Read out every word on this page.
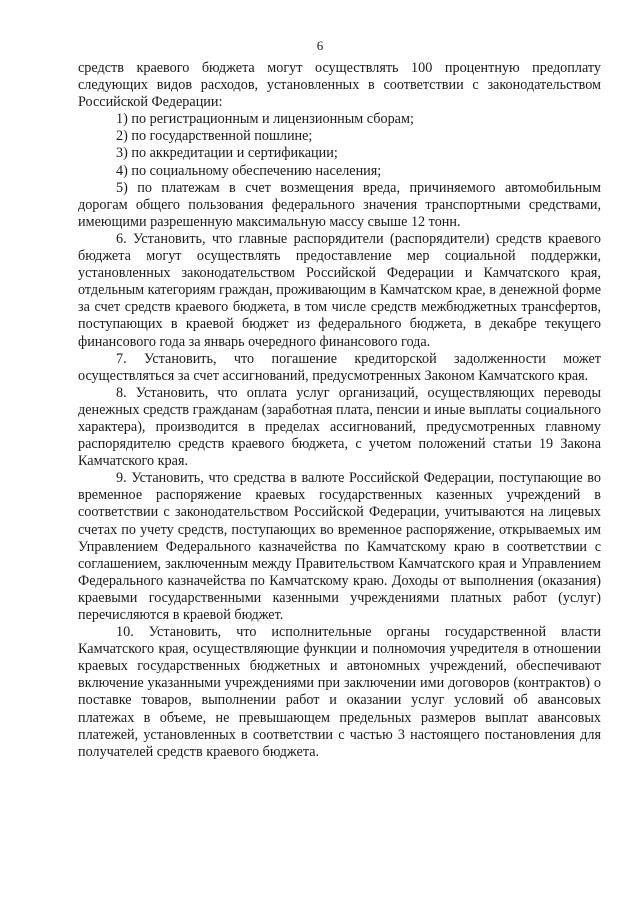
6

средств краевого бюджета могут осуществлять 100 процентную предоплату следующих видов расходов, установленных в соответствии с законодательством Российской Федерации:

1) по регистрационным и лицензионным сборам;

2) по государственной пошлине;

3) по аккредитации и сертификации;

4) по социальному обеспечению населения;

5) по платежам в счет возмещения вреда, причиняемого автомобильным дорогам общего пользования федерального значения транспортными средствами, имеющими разрешенную максимальную массу свыше 12 тонн.

6. Установить, что главные распорядители (распорядители) средств краевого бюджета могут осуществлять предоставление мер социальной поддержки, установленных законодательством Российской Федерации и Камчатского края, отдельным категориям граждан, проживающим в Камчатском крае, в денежной форме за счет средств краевого бюджета, в том числе средств межбюджетных трансфертов, поступающих в краевой бюджет из федерального бюджета, в декабре текущего финансового года за январь очередного финансового года.

7. Установить, что погашение кредиторской задолженности может осуществляться за счет ассигнований, предусмотренных Законом Камчатского края.

8. Установить, что оплата услуг организаций, осуществляющих переводы денежных средств гражданам (заработная плата, пенсии и иные выплаты социального характера), производится в пределах ассигнований, предусмотренных главному распорядителю средств краевого бюджета, с учетом положений статьи 19 Закона Камчатского края.

9. Установить, что средства в валюте Российской Федерации, поступающие во временное распоряжение краевых государственных казенных учреждений в соответствии с законодательством Российской Федерации, учитываются на лицевых счетах по учету средств, поступающих во временное распоряжение, открываемых им Управлением Федерального казначейства по Камчатскому краю в соответствии с соглашением, заключенным между Правительством Камчатского края и Управлением Федерального казначейства по Камчатскому краю. Доходы от выполнения (оказания) краевыми государственными казенными учреждениями платных работ (услуг) перечисляются в краевой бюджет.

10. Установить, что исполнительные органы государственной власти Камчатского края, осуществляющие функции и полномочия учредителя в отношении краевых государственных бюджетных и автономных учреждений, обеспечивают включение указанными учреждениями при заключении ими договоров (контрактов) о поставке товаров, выполнении работ и оказании услуг условий об авансовых платежах в объеме, не превышающем предельных размеров выплат авансовых платежей, установленных в соответствии с частью 3 настоящего постановления для получателей средств краевого бюджета.
